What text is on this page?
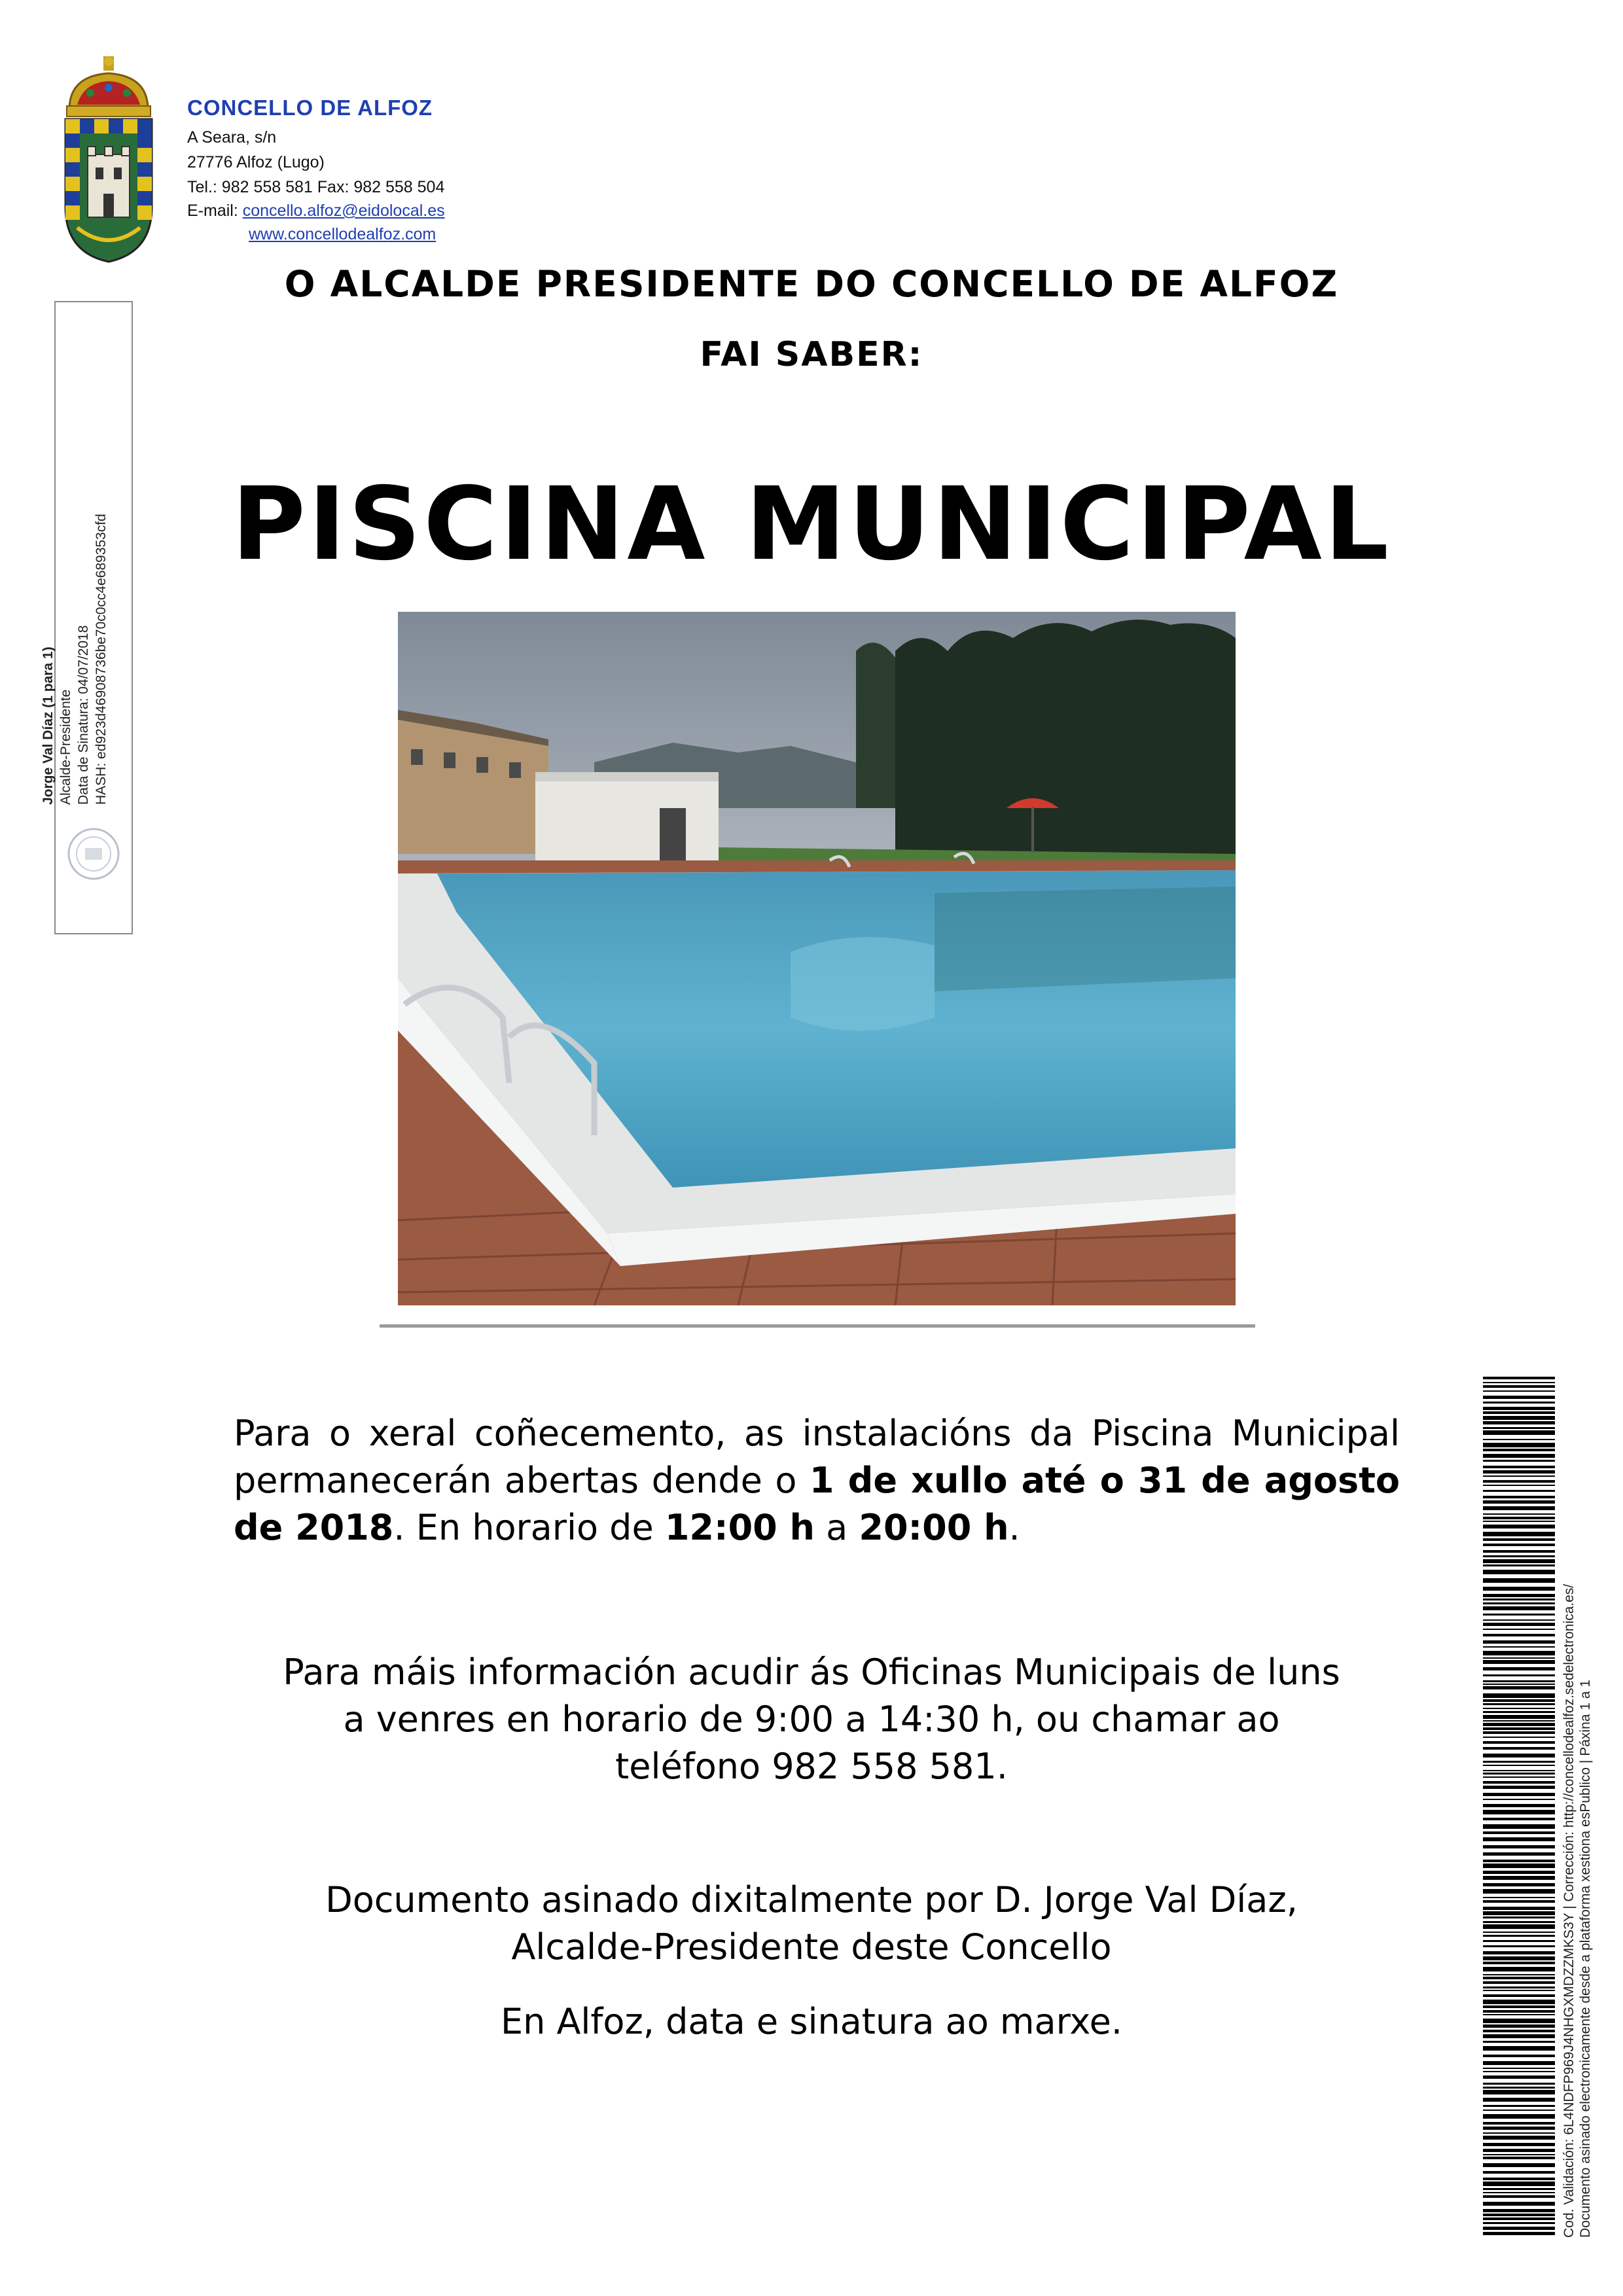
CONCELLO DE ALFOZ
A Seara, s/n
27776 Alfoz (Lugo)
Tel.: 982 558 581 Fax: 982 558 504
E-mail: concello.alfoz@eidolocal.es
www.concellodealfoz.com
O ALCALDE PRESIDENTE DO CONCELLO DE ALFOZ
FAI SABER:
PISCINA MUNICIPAL
Para o xeral coñecemento, as instalacións da Piscina Municipal permanecerán abertas dende o 1 de xullo até o 31 de agosto de 2018. En horario de 12:00 h a 20:00 h.
Para máis información acudir ás Oficinas Municipais de luns
a venres en horario de 9:00 a 14:30 h, ou chamar ao
teléfono 982 558 581.
Documento asinado dixitalmente por D. Jorge Val Díaz,
Alcalde-Presidente deste Concello
En Alfoz, data e sinatura ao marxe.
Jorge Val Díaz (1 para 1) Alcalde-Presidente Data de Sinatura: 04/07/2018 HASH: ed923d4690873​6be70c0cc4e6893​53cfd
Cod. Validación: 6L4NDFP969J4NHGXMDZZMKS3Y | Corrección: http://concellodealfoz.sedelectronica.es/ Documento asinado electronicamente desde a plataforma xestiona esPublico | Páxina 1 a 1
